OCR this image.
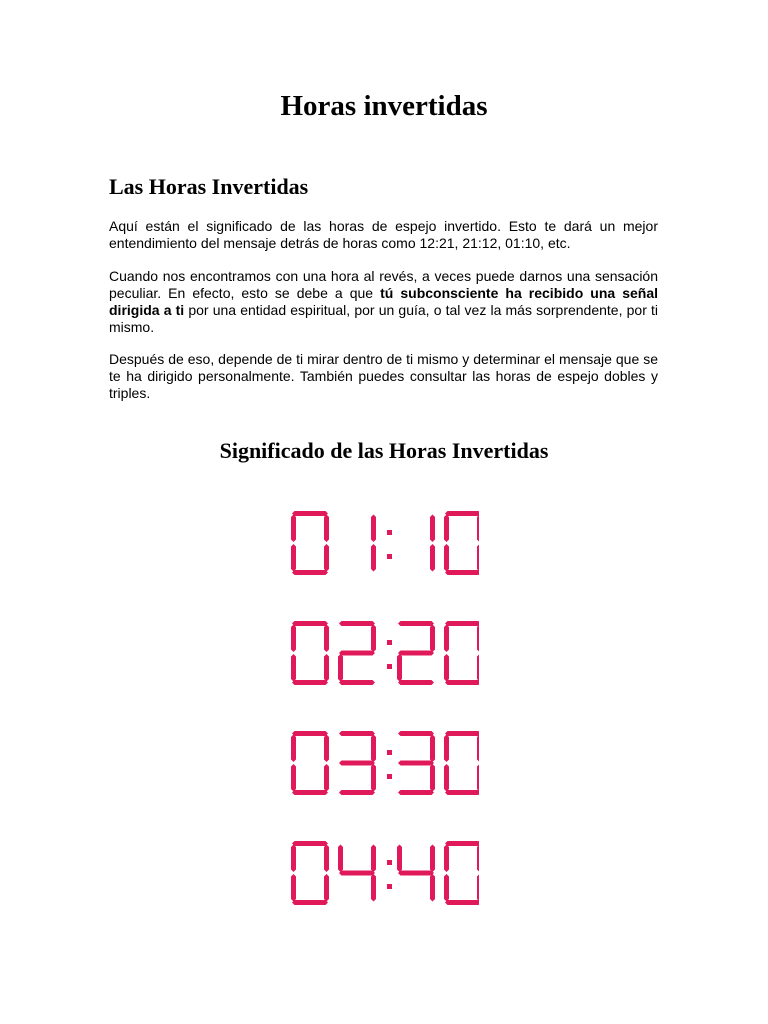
Horas invertidas
Las Horas Invertidas

Aquí están el significado de las horas de espejo invertido. Esto te dará un mejor entendimiento del mensaje detrás de horas como 12:21, 21:12, 01:10, etc.

Cuando nos encontramos con una hora al revés, a veces puede darnos una sensación peculiar. En efecto, esto se debe a que tú subconsciente ha recibido una señal dirigida a ti por una entidad espiritual, por un guía, o tal vez la más sorprendente, por ti mismo.

Después de eso, depende de ti mirar dentro de ti mismo y determinar el mensaje que se te ha dirigido personalmente. También puedes consultar las horas de espejo dobles y triples.

Significado de las Horas Invertidas
